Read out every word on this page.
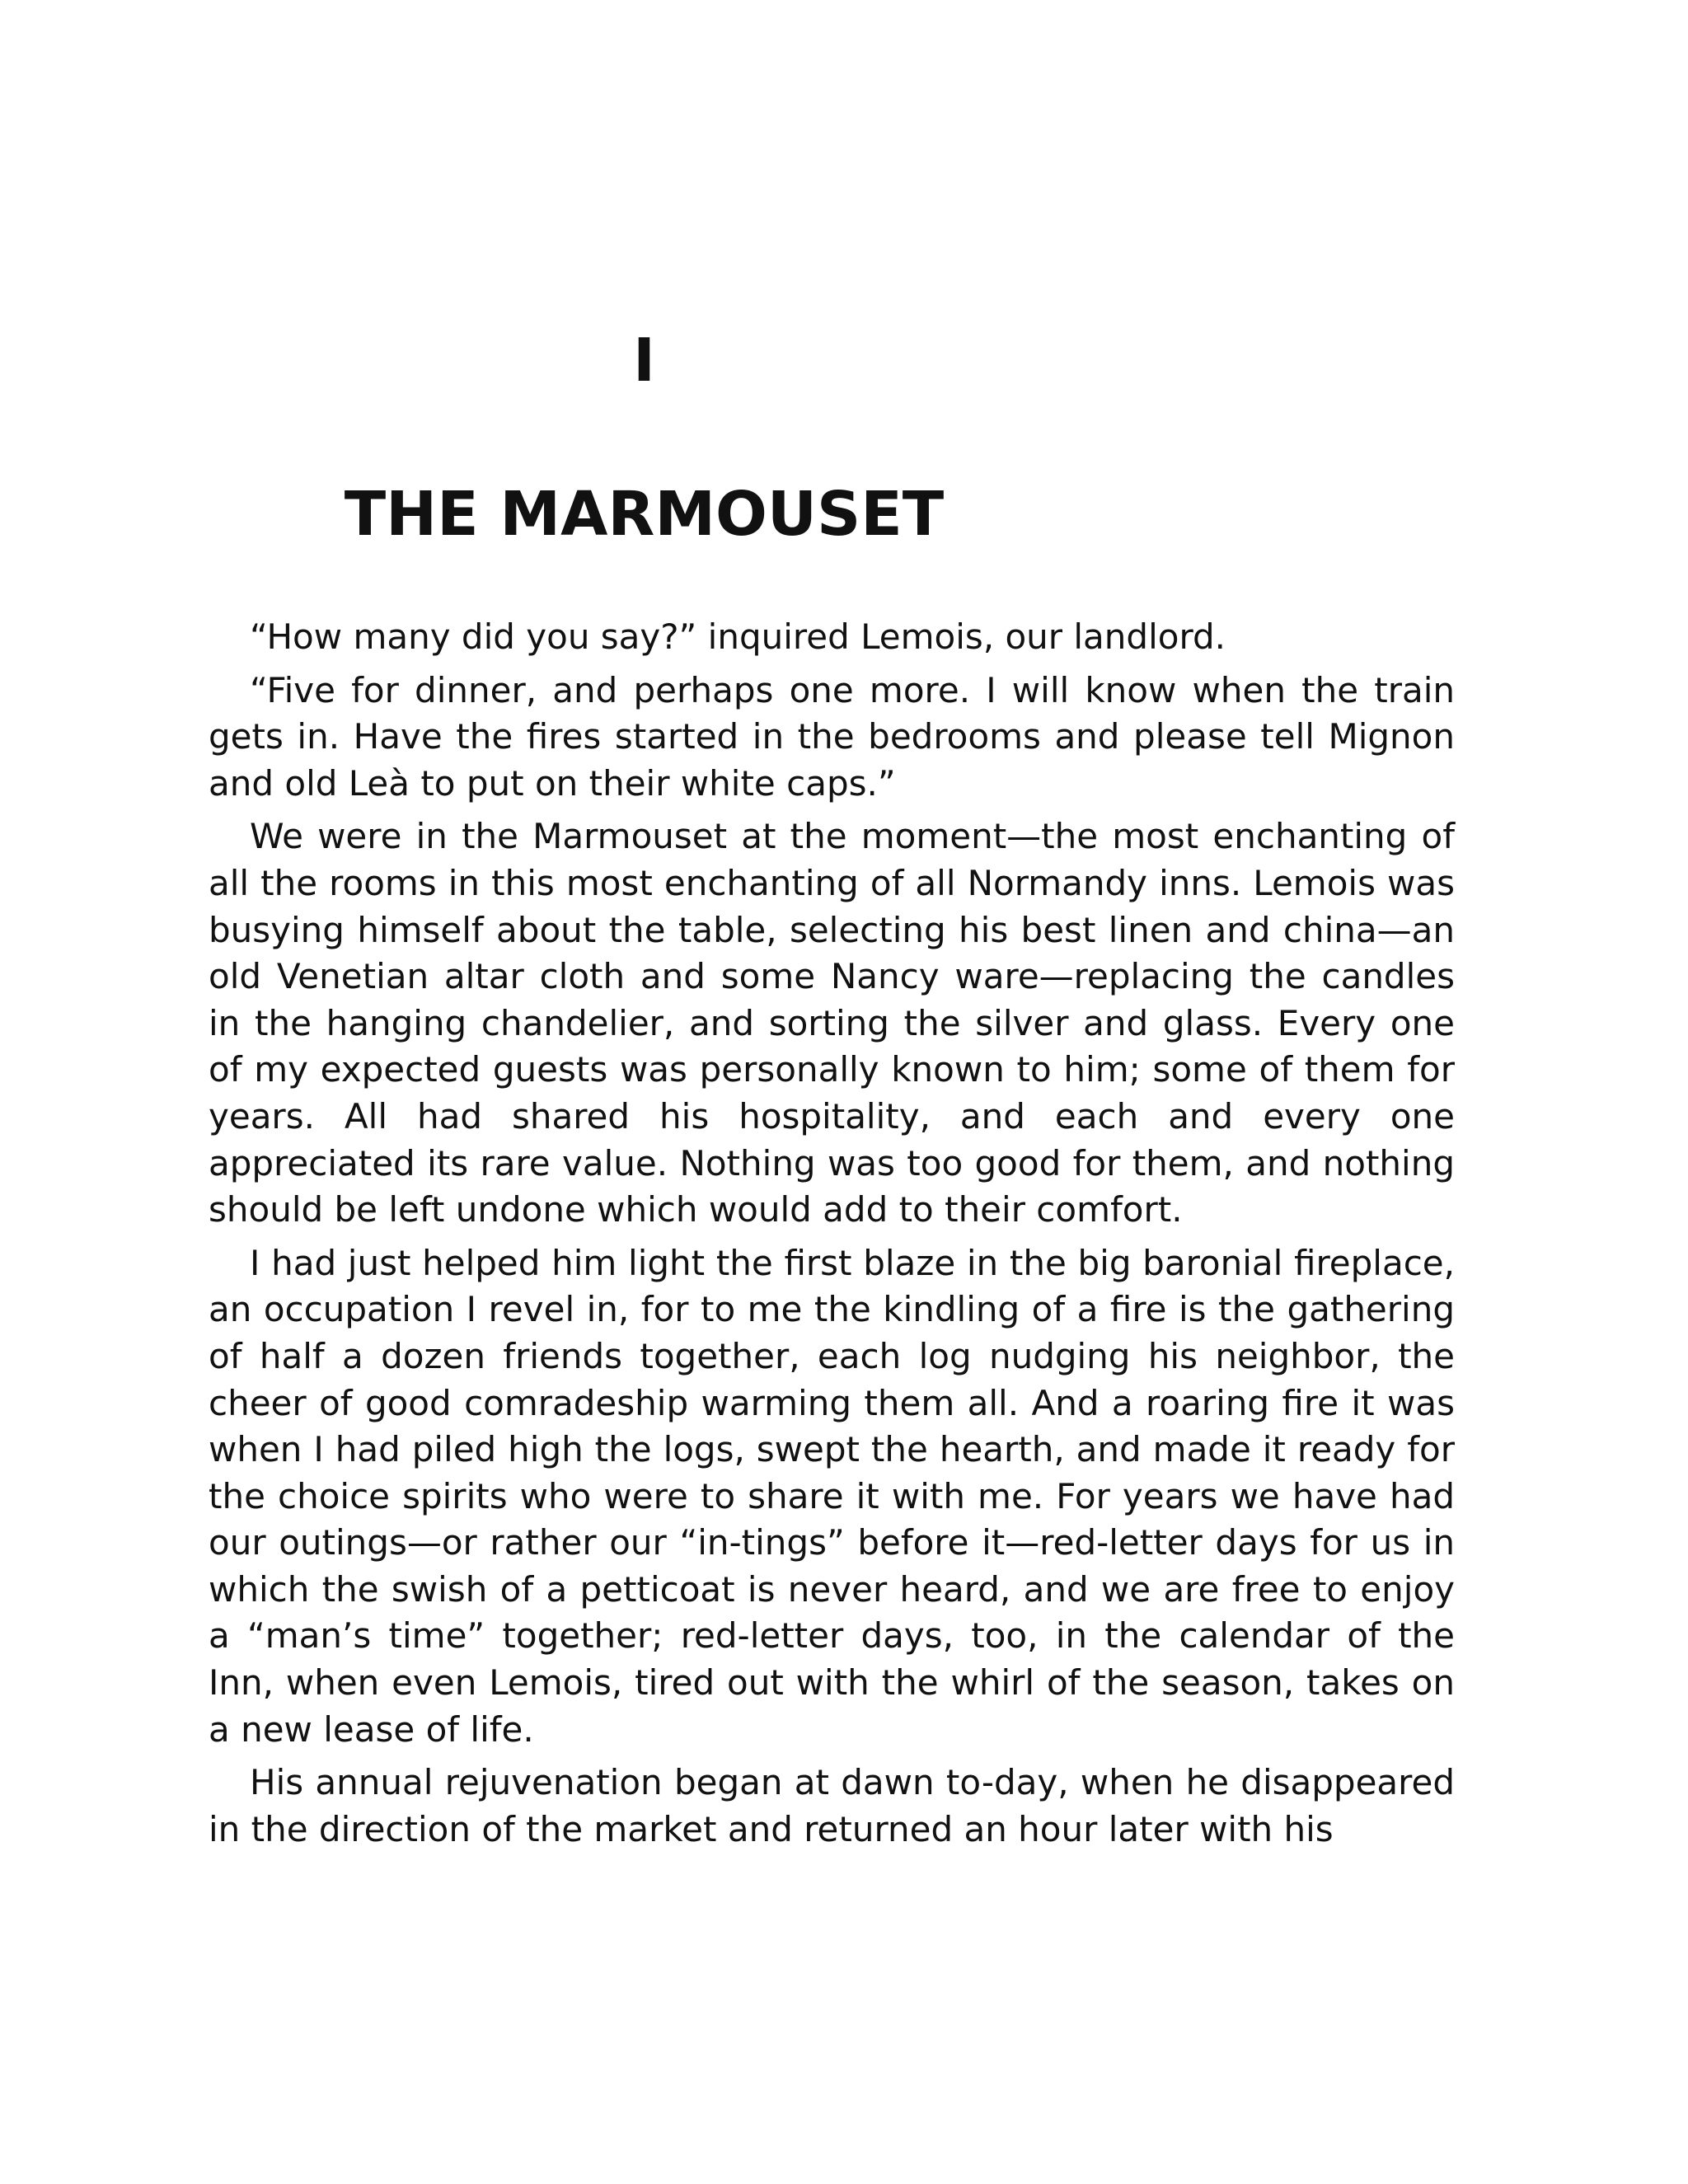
I
THE MARMOUSET

“How many did you say?” inquired Lemois, our landlord.

“Five for dinner, and perhaps one more. I will know when the train gets in. Have the fires started in the bedrooms and please tell Mignon and old Leà to put on their white caps.”

We were in the Marmouset at the moment—the most enchanting of all the rooms in this most enchanting of all Normandy inns. Lemois was busying himself about the table, selecting his best linen and china—an old Venetian altar cloth and some Nancy ware—replacing the candles in the hanging chandelier, and sorting the silver and glass. Every one of my expected guests was personally known to him; some of them for years. All had shared his hospitality, and each and every one appreciated its rare value. Nothing was too good for them, and nothing should be left undone which would add to their comfort.

I had just helped him light the first blaze in the big baronial fireplace, an occupation I revel in, for to me the kindling of a fire is the gathering of half a dozen friends together, each log nudging his neighbor, the cheer of good comradeship warming them all. And a roaring fire it was when I had piled high the logs, swept the hearth, and made it ready for the choice spirits who were to share it with me. For years we have had our outings—or rather our “in-tings” before it—red-letter days for us in which the swish of a petticoat is never heard, and we are free to enjoy a “man’s time” together; red-letter days, too, in the calendar of the Inn, when even Lemois, tired out with the whirl of the season, takes on a new lease of life.

His annual rejuvenation began at dawn to-day, when he disappeared in the direction of the market and returned an hour later with his
